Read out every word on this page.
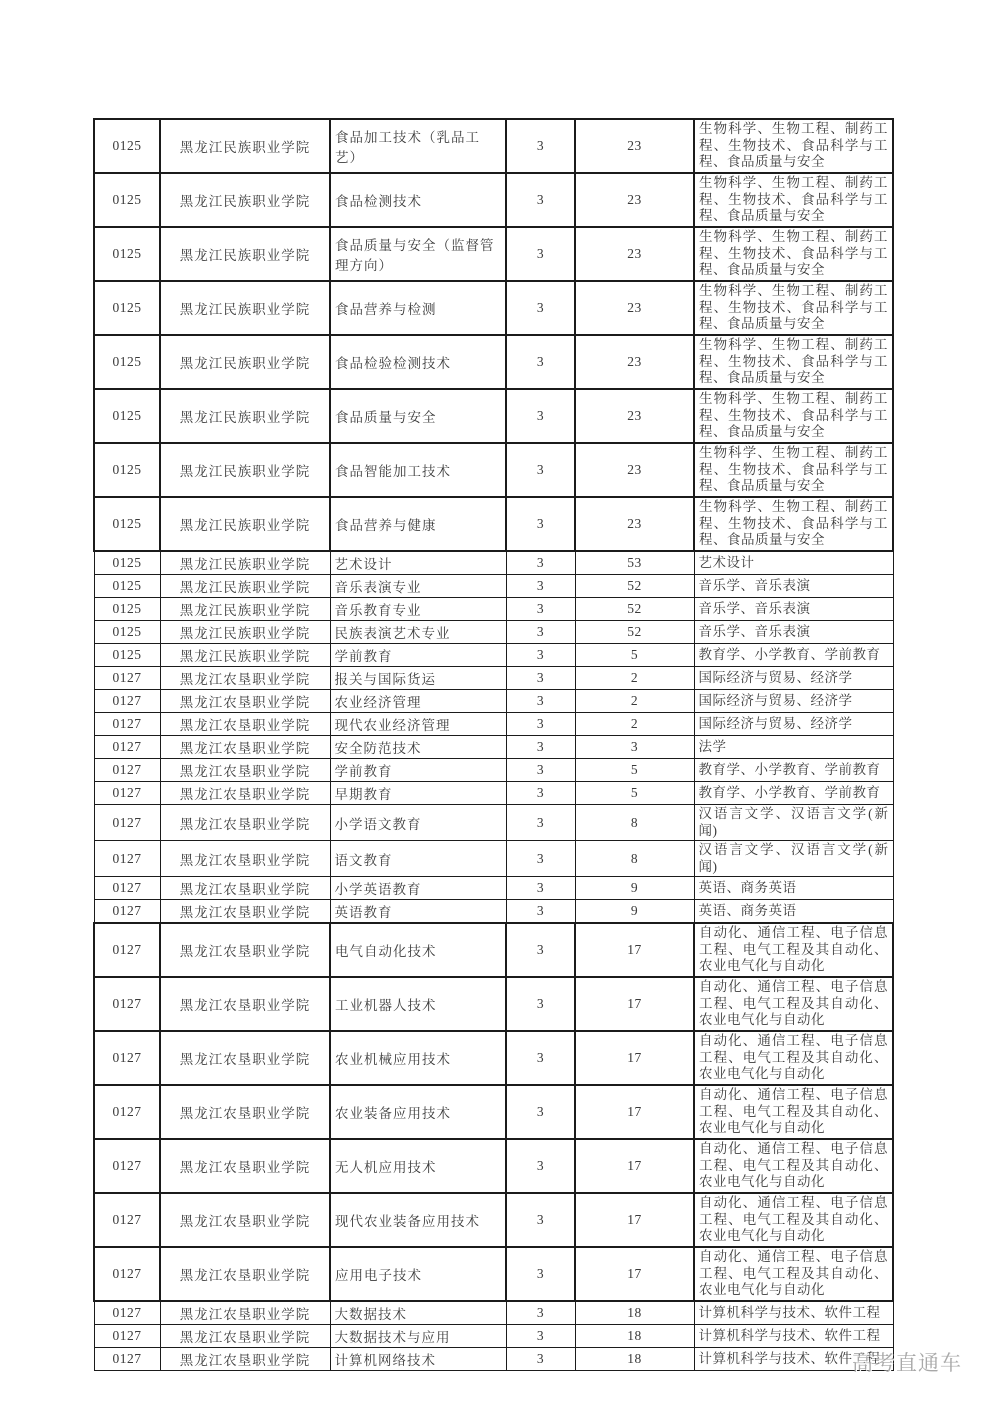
0125	黑龙江民族职业学院	食品加工技术（乳品工艺）	3	23	生物科学、生物工程、制药工程、生物技术、食品科学与工程、食品质量与安全
0125	黑龙江民族职业学院	食品检测技术	3	23	生物科学、生物工程、制药工程、生物技术、食品科学与工程、食品质量与安全
0125	黑龙江民族职业学院	食品质量与安全（监督管理方向）	3	23	生物科学、生物工程、制药工程、生物技术、食品科学与工程、食品质量与安全
0125	黑龙江民族职业学院	食品营养与检测	3	23	生物科学、生物工程、制药工程、生物技术、食品科学与工程、食品质量与安全
0125	黑龙江民族职业学院	食品检验检测技术	3	23	生物科学、生物工程、制药工程、生物技术、食品科学与工程、食品质量与安全
0125	黑龙江民族职业学院	食品质量与安全	3	23	生物科学、生物工程、制药工程、生物技术、食品科学与工程、食品质量与安全
0125	黑龙江民族职业学院	食品智能加工技术	3	23	生物科学、生物工程、制药工程、生物技术、食品科学与工程、食品质量与安全
0125	黑龙江民族职业学院	食品营养与健康	3	23	生物科学、生物工程、制药工程、生物技术、食品科学与工程、食品质量与安全
0125	黑龙江民族职业学院	艺术设计	3	53	艺术设计
0125	黑龙江民族职业学院	音乐表演专业	3	52	音乐学、音乐表演
0125	黑龙江民族职业学院	音乐教育专业	3	52	音乐学、音乐表演
0125	黑龙江民族职业学院	民族表演艺术专业	3	52	音乐学、音乐表演
0125	黑龙江民族职业学院	学前教育	3	5	教育学、小学教育、学前教育
0127	黑龙江农垦职业学院	报关与国际货运	3	2	国际经济与贸易、经济学
0127	黑龙江农垦职业学院	农业经济管理	3	2	国际经济与贸易、经济学
0127	黑龙江农垦职业学院	现代农业经济管理	3	2	国际经济与贸易、经济学
0127	黑龙江农垦职业学院	安全防范技术	3	3	法学
0127	黑龙江农垦职业学院	学前教育	3	5	教育学、小学教育、学前教育
0127	黑龙江农垦职业学院	早期教育	3	5	教育学、小学教育、学前教育
0127	黑龙江农垦职业学院	小学语文教育	3	8	汉语言文学、汉语言文学(新闻)
0127	黑龙江农垦职业学院	语文教育	3	8	汉语言文学、汉语言文学(新闻)
0127	黑龙江农垦职业学院	小学英语教育	3	9	英语、商务英语
0127	黑龙江农垦职业学院	英语教育	3	9	英语、商务英语
0127	黑龙江农垦职业学院	电气自动化技术	3	17	自动化、通信工程、电子信息工程、电气工程及其自动化、农业电气化与自动化
0127	黑龙江农垦职业学院	工业机器人技术	3	17	自动化、通信工程、电子信息工程、电气工程及其自动化、农业电气化与自动化
0127	黑龙江农垦职业学院	农业机械应用技术	3	17	自动化、通信工程、电子信息工程、电气工程及其自动化、农业电气化与自动化
0127	黑龙江农垦职业学院	农业装备应用技术	3	17	自动化、通信工程、电子信息工程、电气工程及其自动化、农业电气化与自动化
0127	黑龙江农垦职业学院	无人机应用技术	3	17	自动化、通信工程、电子信息工程、电气工程及其自动化、农业电气化与自动化
0127	黑龙江农垦职业学院	现代农业装备应用技术	3	17	自动化、通信工程、电子信息工程、电气工程及其自动化、农业电气化与自动化
0127	黑龙江农垦职业学院	应用电子技术	3	17	自动化、通信工程、电子信息工程、电气工程及其自动化、农业电气化与自动化
0127	黑龙江农垦职业学院	大数据技术	3	18	计算机科学与技术、软件工程
0127	黑龙江农垦职业学院	大数据技术与应用	3	18	计算机科学与技术、软件工程
0127	黑龙江农垦职业学院	计算机网络技术	3	18	计算机科学与技术、软件工程
高考直通车
